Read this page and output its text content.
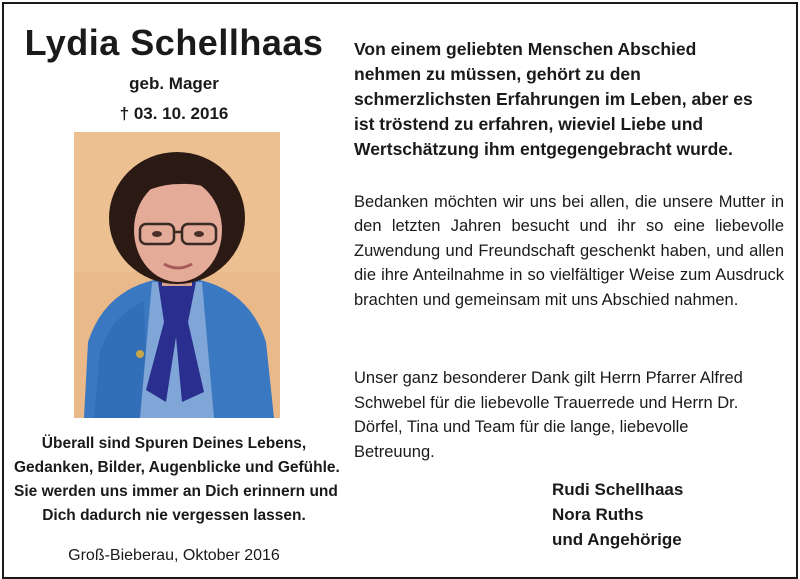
Lydia Schellhaas
geb. Mager
† 03. 10. 2016
Überall sind Spuren Deines Lebens,
Gedanken, Bilder, Augenblicke und Gefühle.
Sie werden uns immer an Dich erinnern und
Dich dadurch nie vergessen lassen.
Groß-Bieberau, Oktober 2016
Von einem geliebten Menschen Abschied
nehmen zu müssen, gehört zu den
schmerzlichsten Erfahrungen im Leben, aber es
ist tröstend zu erfahren, wieviel Liebe und
Wertschätzung ihm entgegengebracht wurde.
Bedanken möchten wir uns bei allen, die unsere Mutter in den letzten Jahren besucht und ihr so eine liebevolle Zuwendung und Freundschaft geschenkt haben, und allen die ihre Anteilnahme in so vielfältiger Weise zum Ausdruck brachten und gemeinsam mit uns Abschied nahmen.
Unser ganz besonderer Dank gilt Herrn Pfarrer Alfred
Schwebel für die liebevolle Trauerrede und Herrn Dr.
Dörfel, Tina und Team für die lange, liebevolle
Betreuung.
Rudi Schellhaas
Nora Ruths
und Angehörige
